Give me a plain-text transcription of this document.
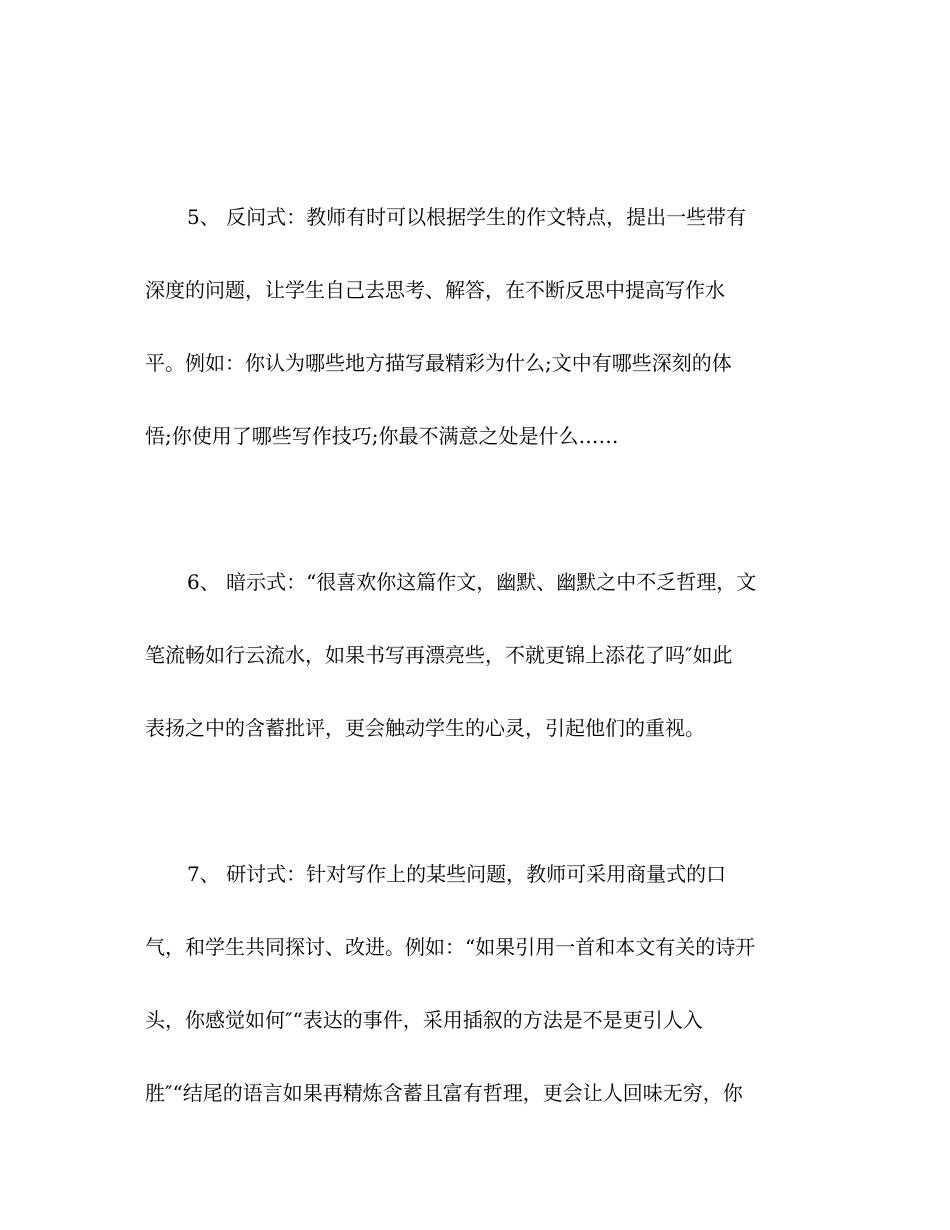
5、 反问式：教师有时可以根据学生的作文特点，提出一些带有
深度的问题，让学生自己去思考、解答，在不断反思中提高写作水
平。例如：你认为哪些地方描写最精彩为什么;文中有哪些深刻的体
悟;你使用了哪些写作技巧;你最不满意之处是什么……
6、 暗示式：“很喜欢你这篇作文，幽默、幽默之中不乏哲理，文
笔流畅如行云流水，如果书写再漂亮些，不就更锦上添花了吗″如此
表扬之中的含蓄批评，更会触动学生的心灵，引起他们的重视。
7、 研讨式：针对写作上的某些问题，教师可采用商量式的口
气，和学生共同探讨、改进。例如：“如果引用一首和本文有关的诗开
头，你感觉如何″“表达的事件，采用插叙的方法是不是更引人入
胜″“结尾的语言如果再精炼含蓄且富有哲理，更会让人回味无穷，你
